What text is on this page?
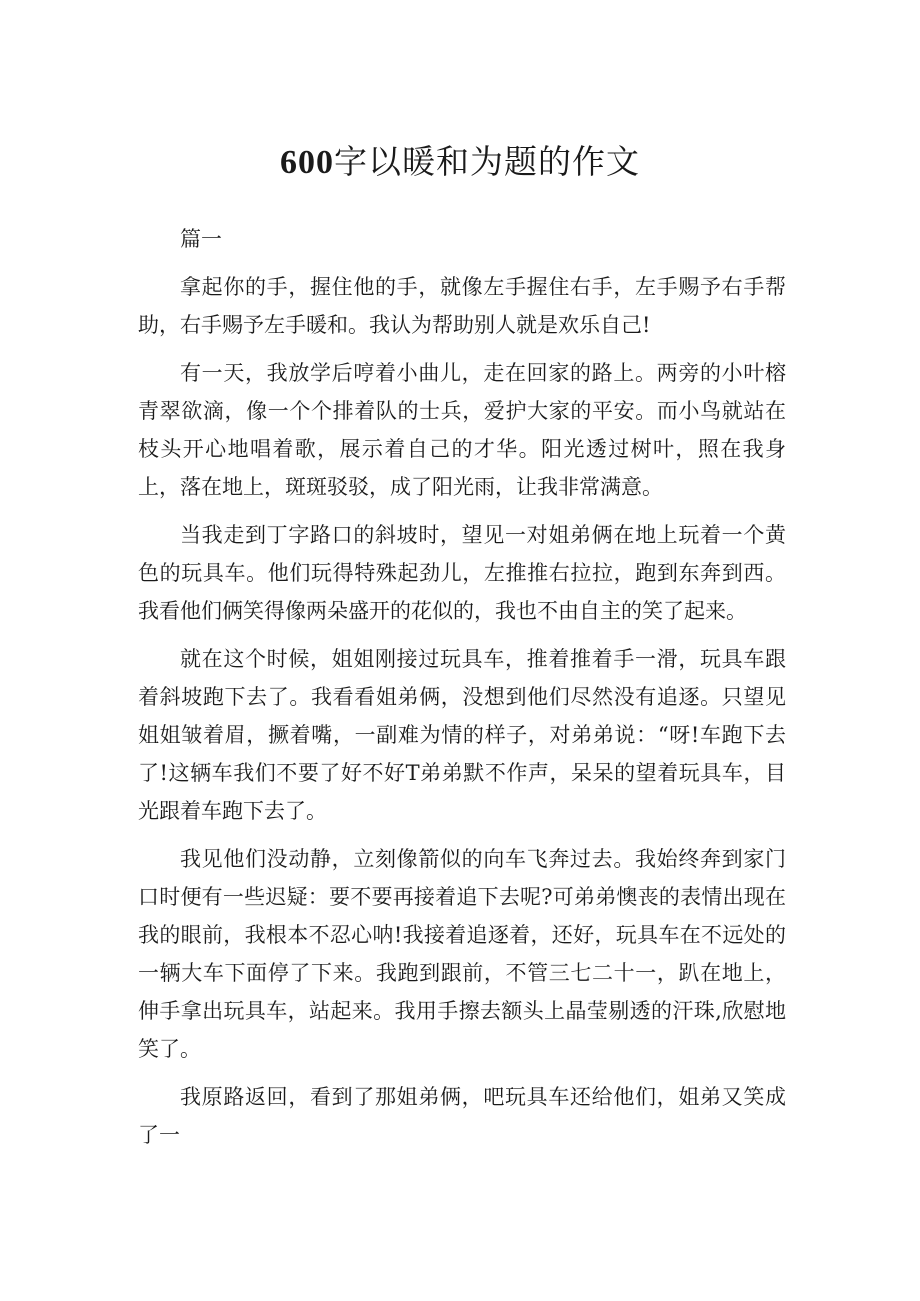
600字以暖和为题的作文

篇一

拿起你的手，握住他的手，就像左手握住右手，左手赐予右手帮助，右手赐予左手暖和。我认为帮助别人就是欢乐自己!

有一天，我放学后哼着小曲儿，走在回家的路上。两旁的小叶榕青翠欲滴，像一个个排着队的士兵，爱护大家的平安。而小鸟就站在枝头开心地唱着歌，展示着自己的才华。阳光透过树叶，照在我身上，落在地上，斑斑驳驳，成了阳光雨，让我非常满意。

当我走到丁字路口的斜坡时，望见一对姐弟俩在地上玩着一个黄色的玩具车。他们玩得特殊起劲儿，左推推右拉拉，跑到东奔到西。我看他们俩笑得像两朵盛开的花似的，我也不由自主的笑了起来。

就在这个时候，姐姐刚接过玩具车，推着推着手一滑，玩具车跟着斜坡跑下去了。我看看姐弟俩，没想到他们尽然没有追逐。只望见姐姐皱着眉，撅着嘴，一副难为情的样子，对弟弟说：“呀!车跑下去了!这辆车我们不要了好不好T弟弟默不作声，呆呆的望着玩具车，目光跟着车跑下去了。

我见他们没动静，立刻像箭似的向车飞奔过去。我始终奔到家门口时便有一些迟疑：要不要再接着追下去呢?可弟弟懊丧的表情出现在我的眼前，我根本不忍心呐!我接着追逐着，还好，玩具车在不远处的一辆大车下面停了下来。我跑到跟前，不管三七二十一，趴在地上，伸手拿出玩具车，站起来。我用手擦去额头上晶莹剔透的汗珠,欣慰地笑了。

我原路返回，看到了那姐弟俩，吧玩具车还给他们，姐弟又笑成了一
